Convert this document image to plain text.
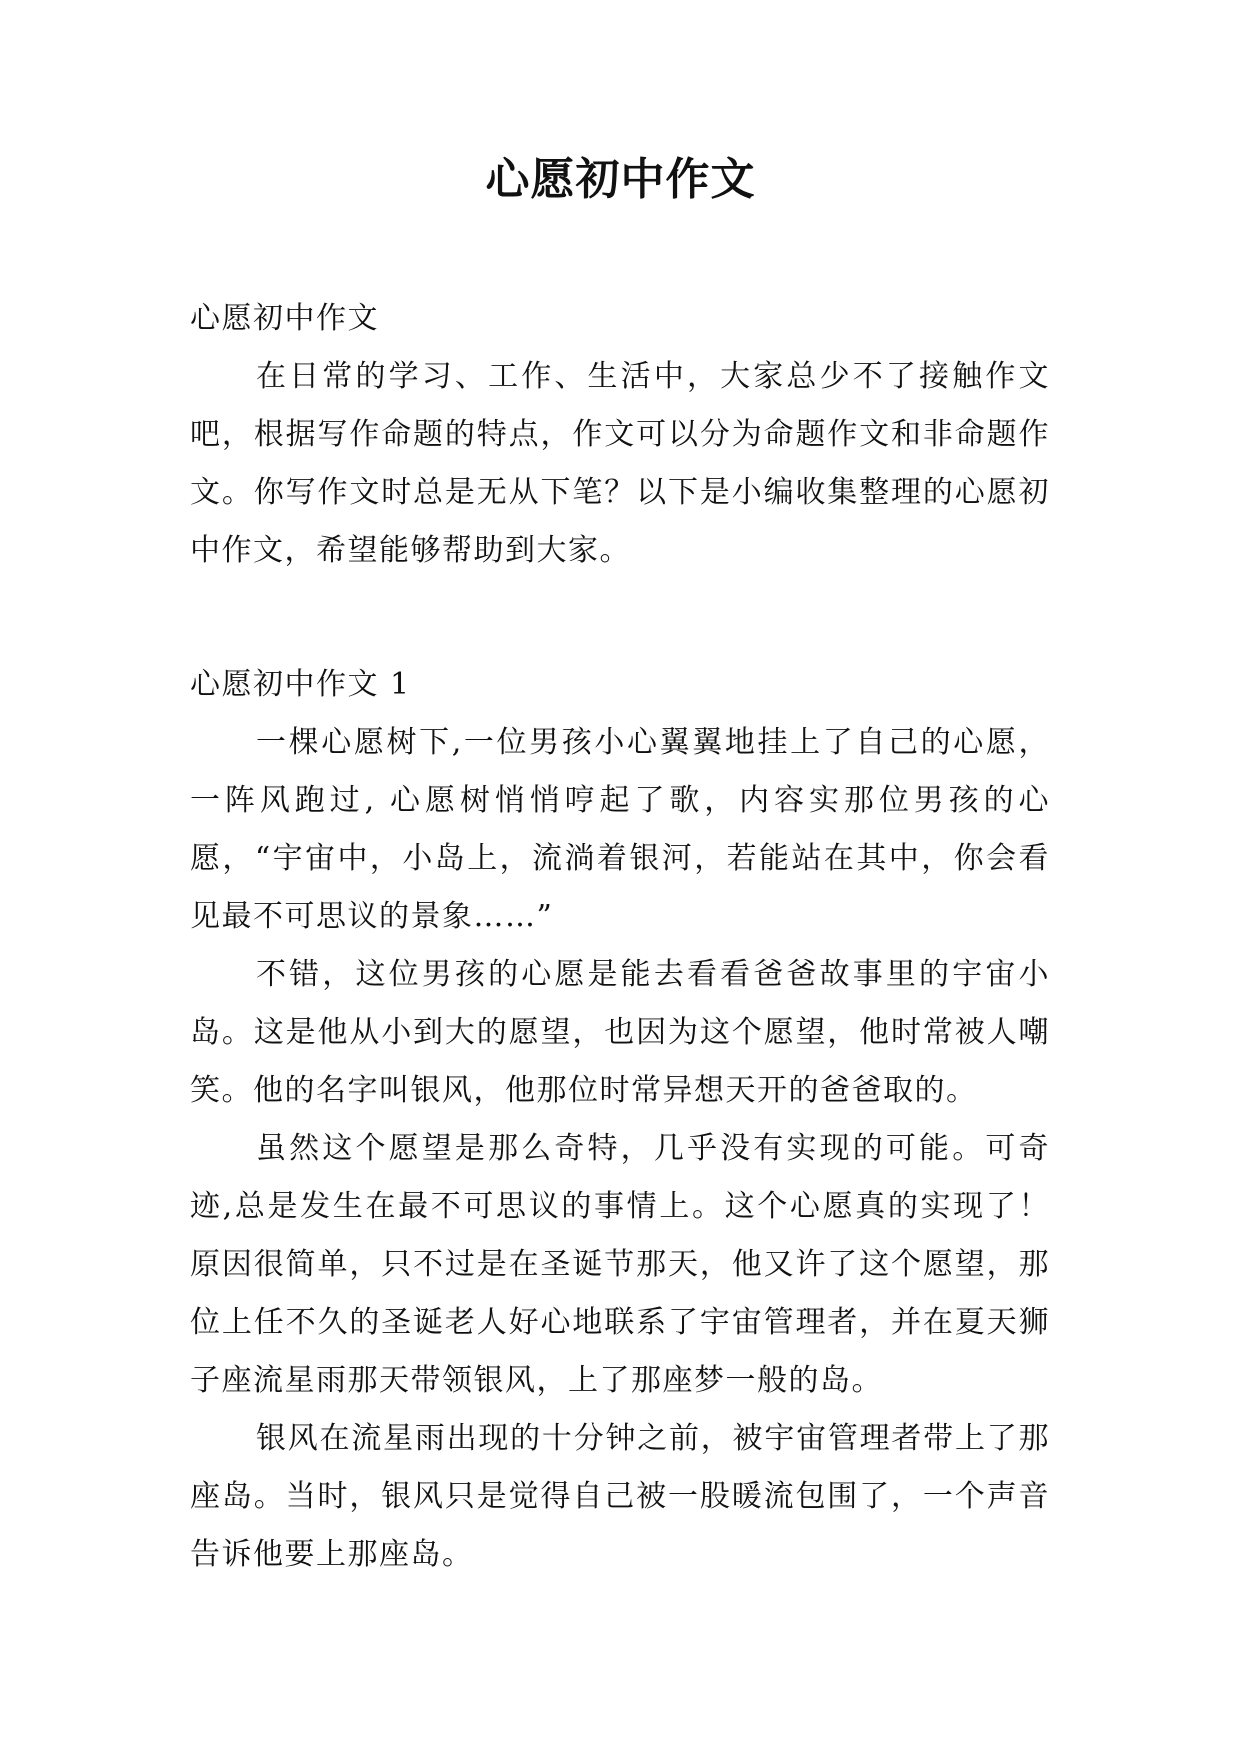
心愿初中作文
心愿初中作文

在日常的学习、工作、生活中，大家总少不了接触作文吧，根据写作命题的特点，作文可以分为命题作文和非命题作文。你写作文时总是无从下笔？以下是小编收集整理的心愿初中作文，希望能够帮助到大家。

心愿初中作文 1

一棵心愿树下,一位男孩小心翼翼地挂上了自己的心愿，一阵风跑过, 心愿树悄悄哼起了歌，内容实那位男孩的心愿，“宇宙中，小岛上，流淌着银河，若能站在其中，你会看见最不可思议的景象……”

不错，这位男孩的心愿是能去看看爸爸故事里的宇宙小岛。这是他从小到大的愿望，也因为这个愿望，他时常被人嘲笑。他的名字叫银风，他那位时常异想天开的爸爸取的。

虽然这个愿望是那么奇特，几乎没有实现的可能。可奇迹,总是发生在最不可思议的事情上。这个心愿真的实现了！原因很简单，只不过是在圣诞节那天，他又许了这个愿望，那位上任不久的圣诞老人好心地联系了宇宙管理者，并在夏天狮子座流星雨那天带领银风，上了那座梦一般的岛。

银风在流星雨出现的十分钟之前，被宇宙管理者带上了那座岛。当时，银风只是觉得自己被一股暖流包围了，一个声音告诉他要上那座岛。
